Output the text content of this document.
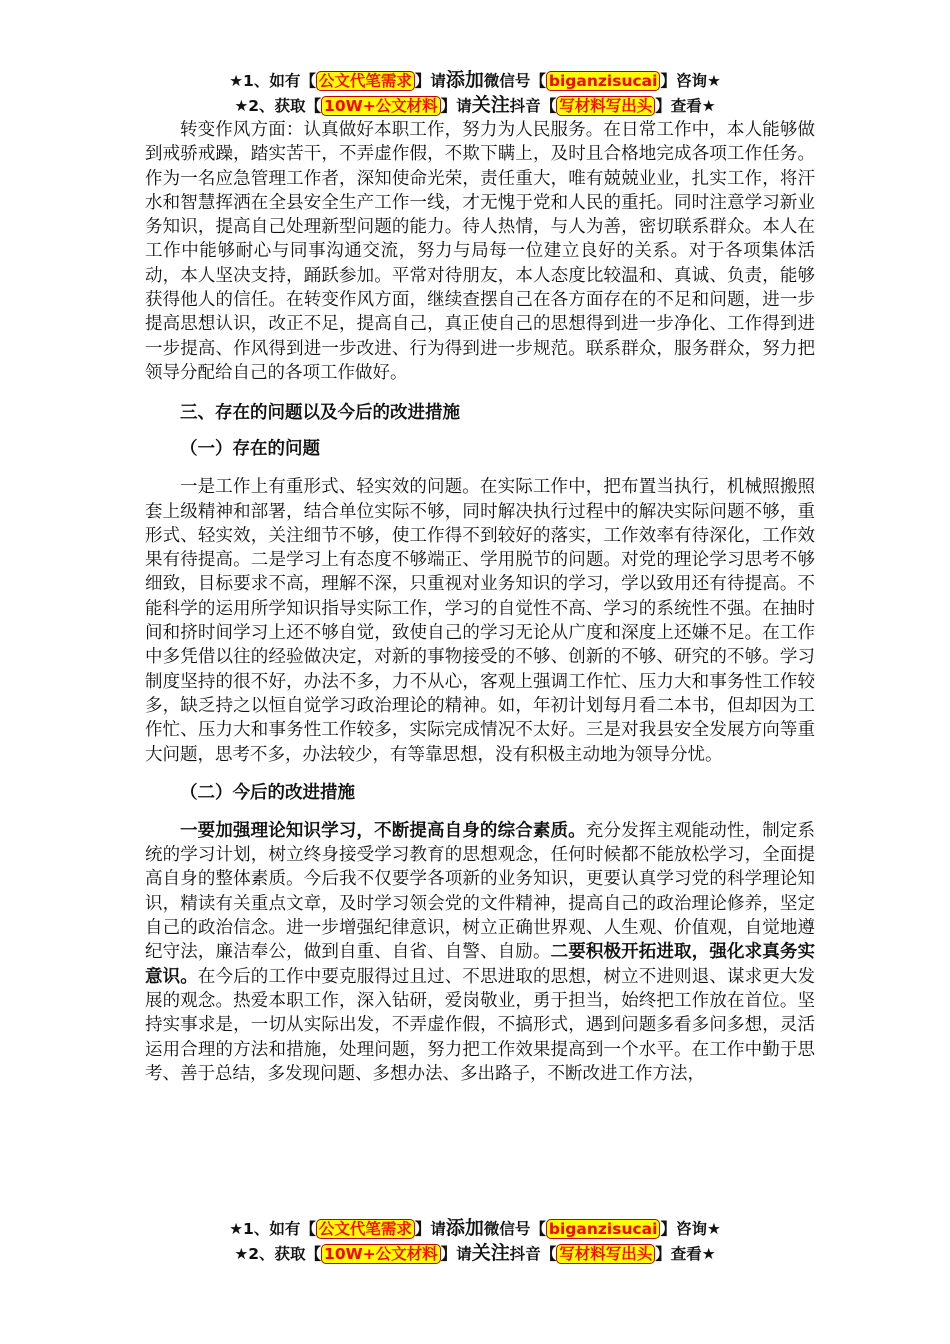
★1、如有【 公文代笔需求 】请添加微信号【 biganzisucai 】咨询★
★2、获取【 10W+公文材料 】请关注抖音【 写材料写出头 】查看★

转变作风方面：认真做好本职工作，努力为人民服务。在日常工作中，本人能够做到戒骄戒躁，踏实苦干，不弄虚作假，不欺下瞒上，及时且合格地完成各项工作任务。作为一名应急管理工作者，深知使命光荣，责任重大，唯有兢兢业业，扎实工作，将汗水和智慧挥洒在全县安全生产工作一线，才无愧于党和人民的重托。同时注意学习新业务知识，提高自己处理新型问题的能力。待人热情，与人为善，密切联系群众。本人在工作中能够耐心与同事沟通交流，努力与局每一位建立良好的关系。对于各项集体活动，本人坚决支持，踊跃参加。平常对待朋友，本人态度比较温和、真诚、负责，能够获得他人的信任。在转变作风方面，继续查摆自己在各方面存在的不足和问题，进一步提高思想认识，改正不足，提高自己，真正使自己的思想得到进一步净化、工作得到进一步提高、作风得到进一步改进、行为得到进一步规范。联系群众，服务群众，努力把领导分配给自己的各项工作做好。

三、存在的问题以及今后的改进措施
（一）存在的问题

一是工作上有重形式、轻实效的问题。在实际工作中，把布置当执行，机械照搬照套上级精神和部署，结合单位实际不够，同时解决执行过程中的解决实际问题不够，重形式、轻实效，关注细节不够，使工作得不到较好的落实，工作效率有待深化，工作效果有待提高。二是学习上有态度不够端正、学用脱节的问题。对党的理论学习思考不够细致，目标要求不高，理解不深，只重视对业务知识的学习，学以致用还有待提高。不能科学的运用所学知识指导实际工作，学习的自觉性不高、学习的系统性不强。在抽时间和挤时间学习上还不够自觉，致使自己的学习无论从广度和深度上还嫌不足。在工作中多凭借以往的经验做决定，对新的事物接受的不够、创新的不够、研究的不够。学习制度坚持的很不好，办法不多，力不从心，客观上强调工作忙、压力大和事务性工作较多，缺乏持之以恒自觉学习政治理论的精神。如，年初计划每月看二本书，但却因为工作忙、压力大和事务性工作较多，实际完成情况不太好。三是对我县安全发展方向等重大问题，思考不多，办法较少，有等靠思想，没有积极主动地为领导分忧。

（二）今后的改进措施

一要加强理论知识学习，不断提高自身的综合素质。充分发挥主观能动性，制定系统的学习计划，树立终身接受学习教育的思想观念，任何时候都不能放松学习，全面提高自身的整体素质。今后我不仅要学各项新的业务知识，更要认真学习党的科学理论知识，精读有关重点文章，及时学习领会党的文件精神，提高自己的政治理论修养，坚定自己的政治信念。进一步增强纪律意识，树立正确世界观、人生观、价值观，自觉地遵纪守法，廉洁奉公，做到自重、自省、自警、自励。二要积极开拓进取，强化求真务实意识。在今后的工作中要克服得过且过、不思进取的思想，树立不进则退、谋求更大发展的观念。热爱本职工作，深入钻研，爱岗敬业，勇于担当，始终把工作放在首位。坚持实事求是，一切从实际出发，不弄虚作假，不搞形式，遇到问题多看多问多想，灵活运用合理的方法和措施，处理问题，努力把工作效果提高到一个水平。在工作中勤于思考、善于总结，多发现问题、多想办法、多出路子，不断改进工作方法，

★1、如有【 公文代笔需求 】请添加微信号【 biganzisucai 】咨询★
★2、获取【 10W+公文材料 】请关注抖音【 写材料写出头 】查看★
